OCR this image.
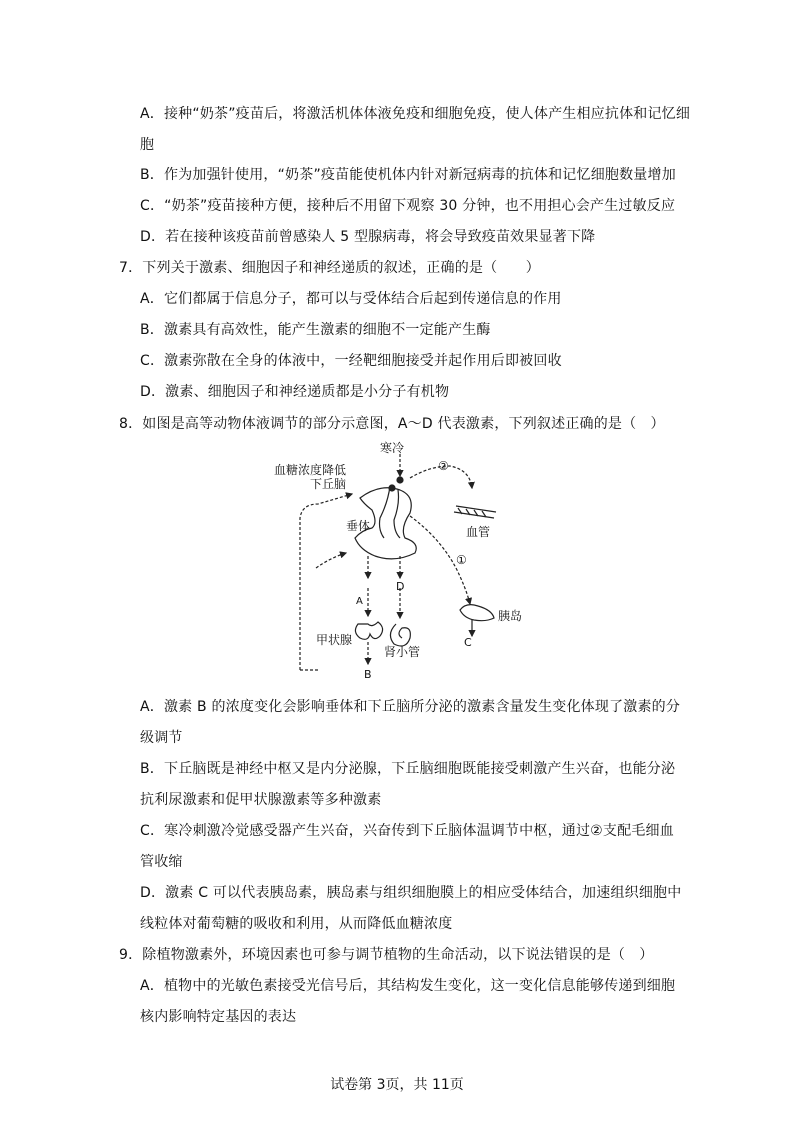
A．接种“奶茶”疫苗后，将激活机体体液免疫和细胞免疫，使人体产生相应抗体和记忆细
胞
B．作为加强针使用，“奶茶”疫苗能使机体内针对新冠病毒的抗体和记忆细胞数量增加
C．“奶茶”疫苗接种方便，接种后不用留下观察 30 分钟，也不用担心会产生过敏反应
D．若在接种该疫苗前曾感染人 5 型腺病毒，将会导致疫苗效果显著下降
7．下列关于激素、细胞因子和神经递质的叙述，正确的是（　　）
A．它们都属于信息分子，都可以与受体结合后起到传递信息的作用
B．激素具有高效性，能产生激素的细胞不一定能产生酶
C．激素弥散在全身的体液中，一经靶细胞接受并起作用后即被回收
D．激素、细胞因子和神经递质都是小分子有机物
8．如图是高等动物体液调节的部分示意图，A～D 代表激素，下列叙述正确的是（　）
寒冷
血糖浓度降低
下丘脑
垂体
②
①
血管
A
D
甲状腺
肾小管
胰岛
C
B
A．激素 B 的浓度变化会影响垂体和下丘脑所分泌的激素含量发生变化体现了激素的分
级调节
B．下丘脑既是神经中枢又是内分泌腺，下丘脑细胞既能接受刺激产生兴奋，也能分泌
抗利尿激素和促甲状腺激素等多种激素
C．寒冷刺激冷觉感受器产生兴奋，兴奋传到下丘脑体温调节中枢，通过②支配毛细血
管收缩
D．激素 C 可以代表胰岛素，胰岛素与组织细胞膜上的相应受体结合，加速组织细胞中
线粒体对葡萄糖的吸收和利用，从而降低血糖浓度
9．除植物激素外，环境因素也可参与调节植物的生命活动，以下说法错误的是（　）
A．植物中的光敏色素接受光信号后，其结构发生变化，这一变化信息能够传递到细胞
核内影响特定基因的表达
试卷第 3页，共 11页
